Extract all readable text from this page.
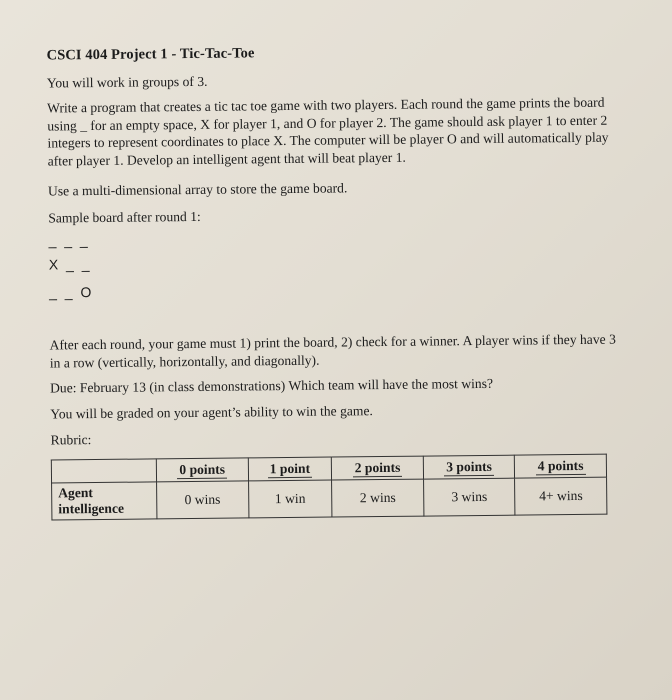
CSCI 404 Project 1 - Tic-Tac-Toe
You will work in groups of 3.
Write a program that creates a tic tac toe game with two players. Each round the game prints the board using _ for an empty space, X for player 1, and O for player 2. The game should ask player 1 to enter 2 integers to represent coordinates to place X. The computer will be player O and will automatically play after player 1. Develop an intelligent agent that will beat player 1.
Use a multi-dimensional array to store the game board.
Sample board after round 1:
_ _ _
X _ _
_ _ O
After each round, your game must 1) print the board, 2) check for a winner. A player wins if they have 3 in a row (vertically, horizontally, and diagonally).
Due: February 13 (in class demonstrations) Which team will have the most wins?
You will be graded on your agent’s ability to win the game.
Rubric:
	0 points	1 point	2 points	3 points	4 points
Agent intelligence	0 wins	1 win	2 wins	3 wins	4+ wins
